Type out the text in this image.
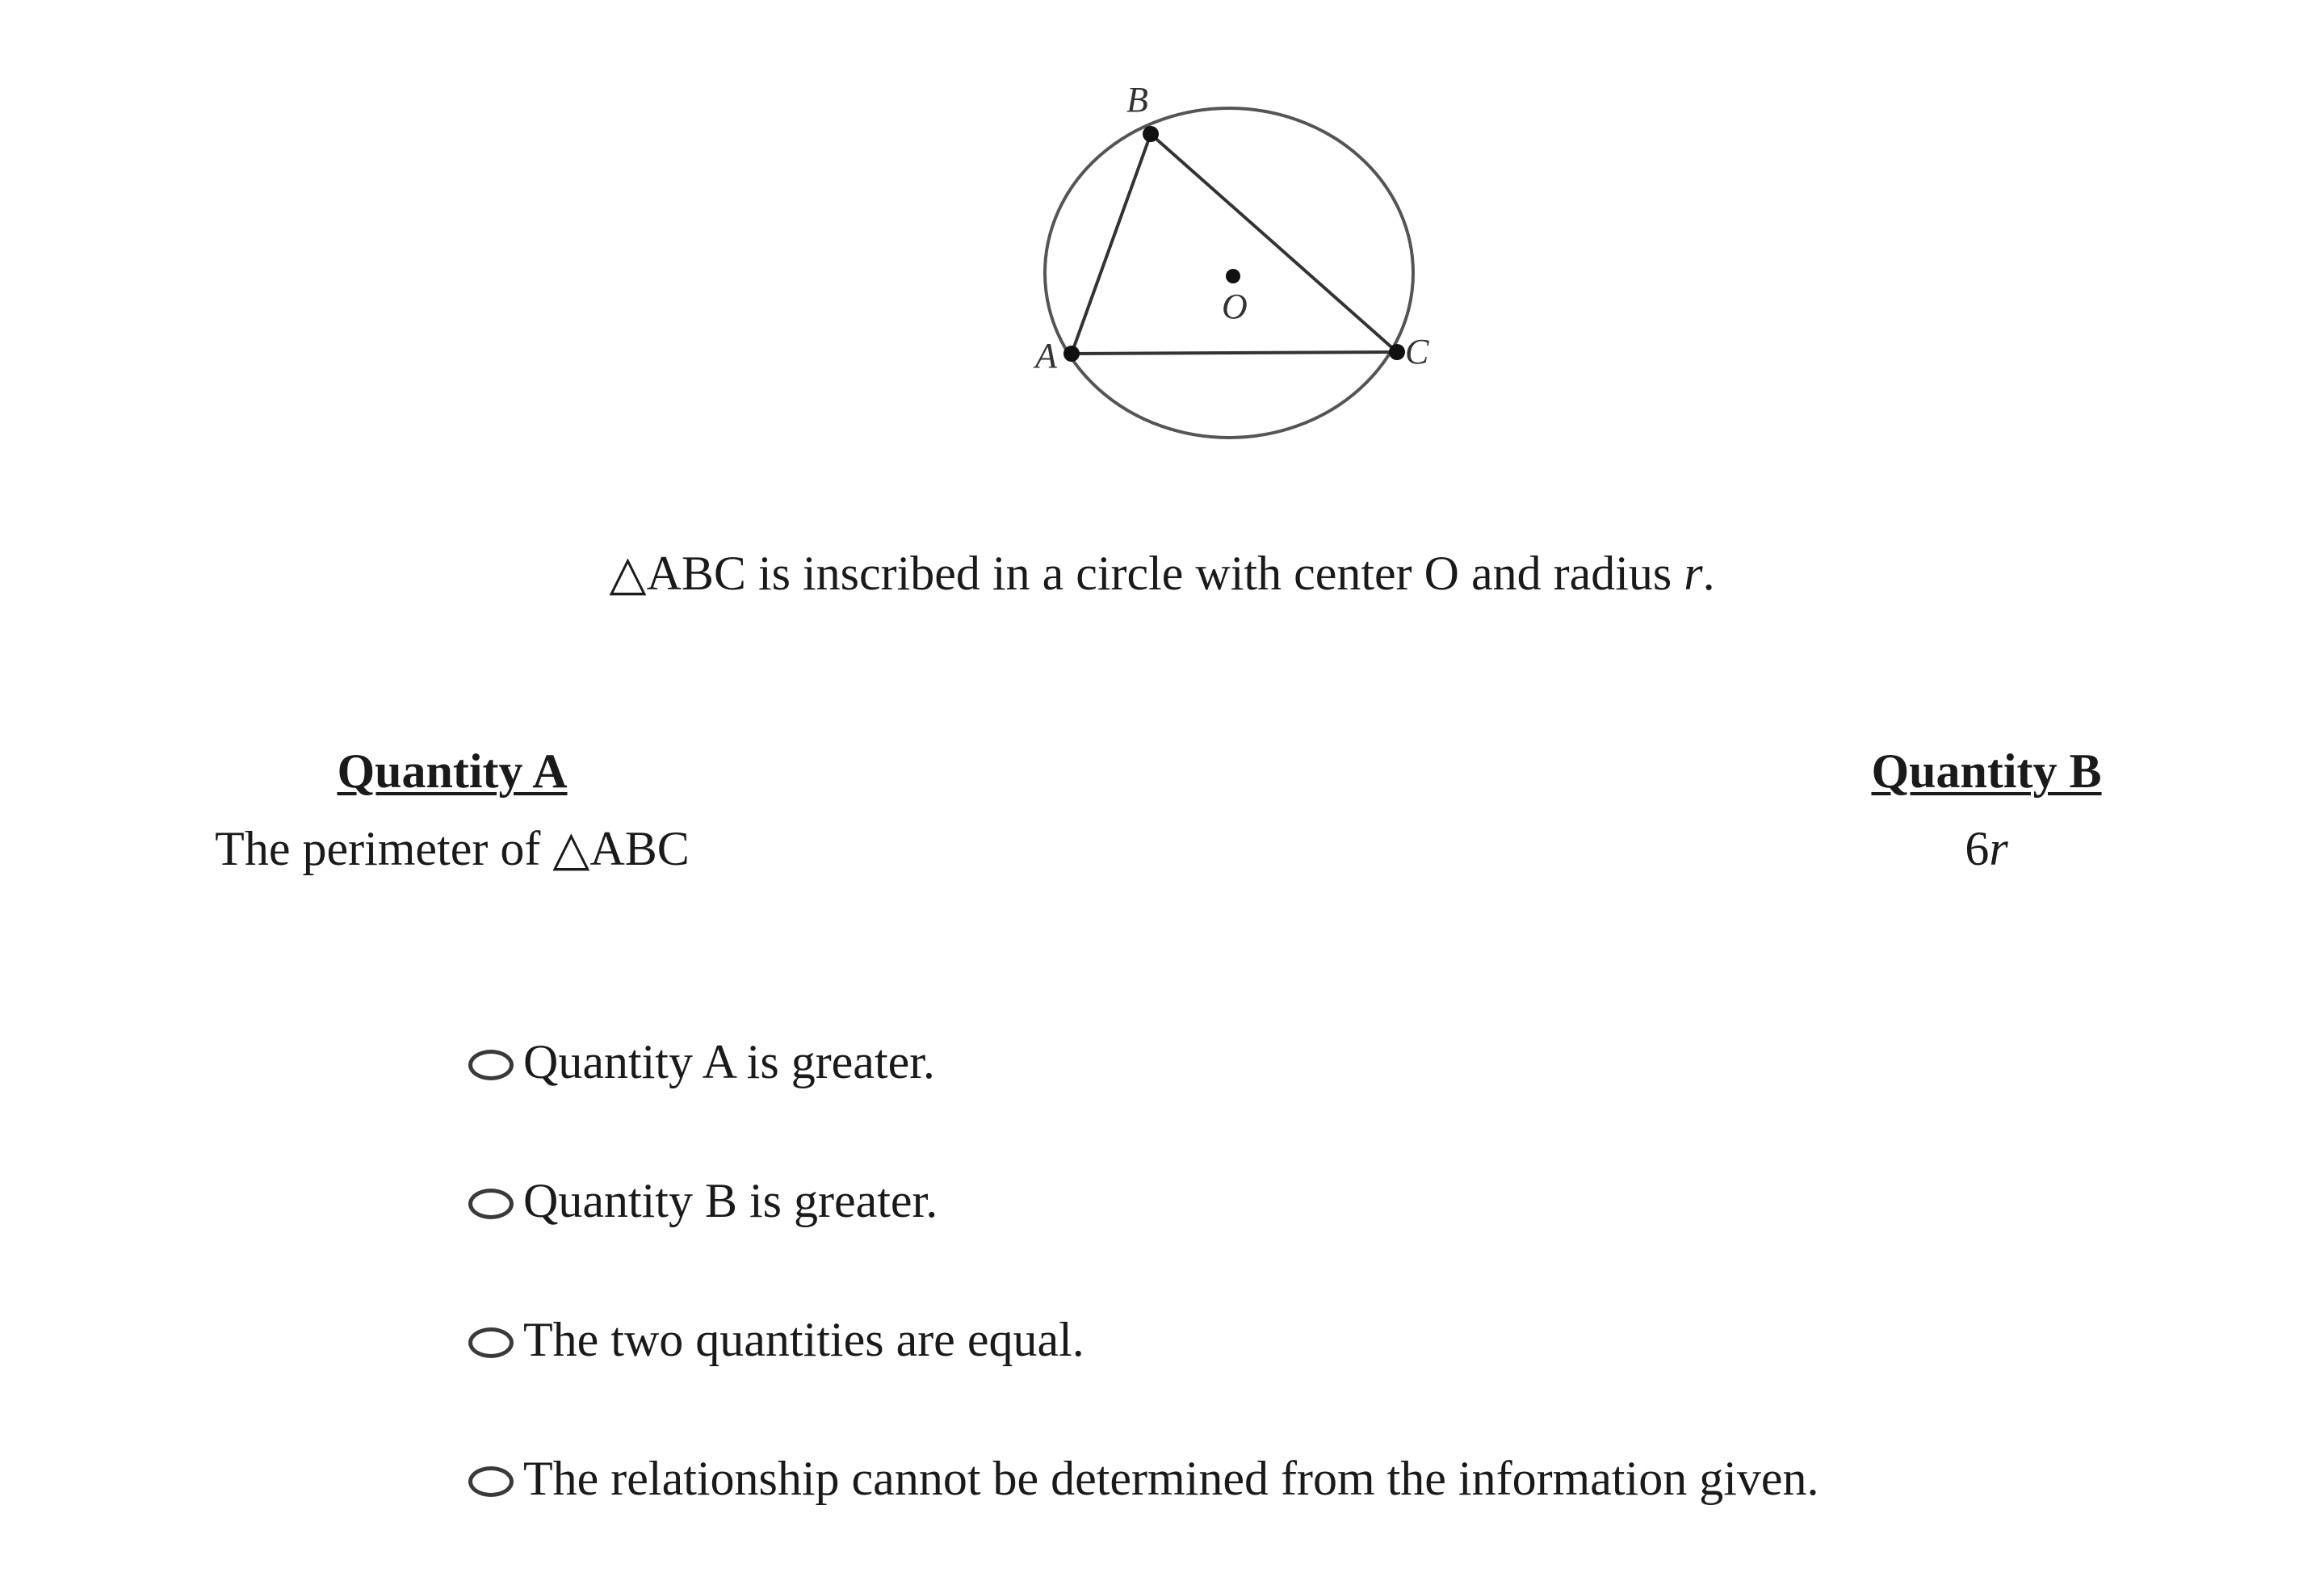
A
B
C
O
△ABC is inscribed in a circle with center O and radius r.
Quantity A
The perimeter of △ABC
Quantity B
6r
Quantity A is greater.
Quantity B is greater.
The two quantities are equal.
The relationship cannot be determined from the information given.
